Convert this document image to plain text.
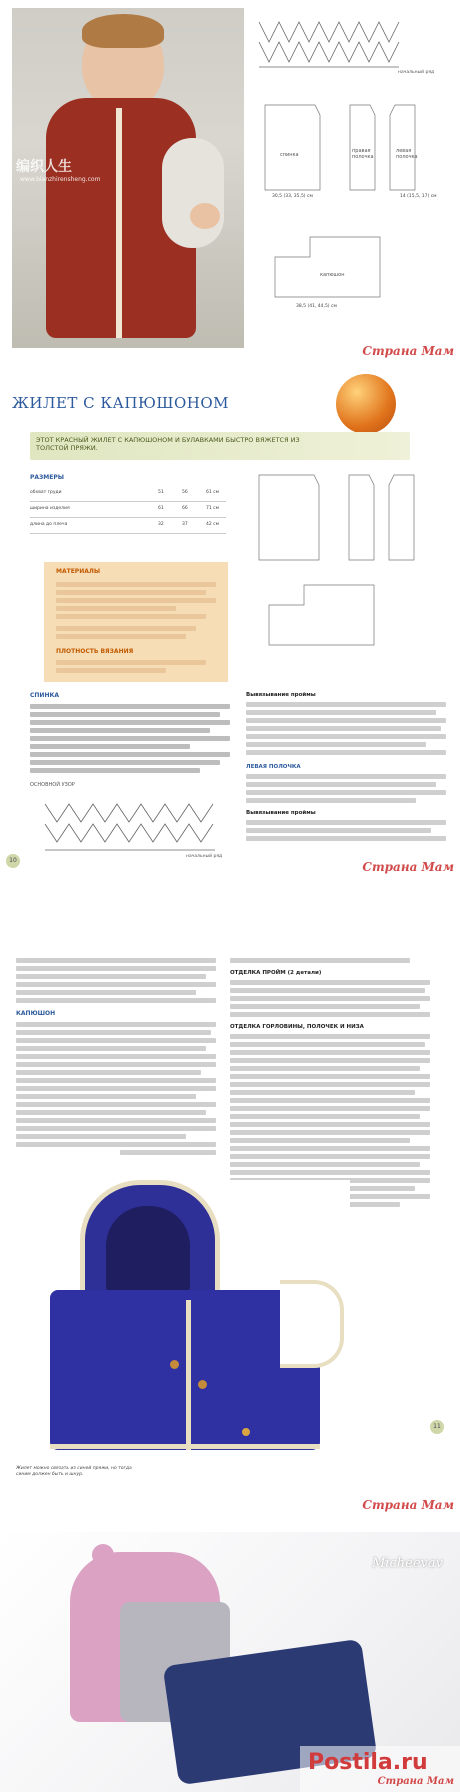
编织人生
www.bianzhirensheng.com
начальный ряд
спинка
правая полочка
левая полочка
30,5 (33, 35,5) см	14 (15,5, 17) см
капюшон
38,5 (41, 44,5) см
Страна Мам
ЖИЛЕТ С КАПЮШОНОМ
ЭТОТ КРАСНЫЙ ЖИЛЕТ С КАПЮШОНОМ И БУЛАВКАМИ БЫСТРО ВЯЖЕТСЯ ИЗ ТОЛСТОЙ ПРЯЖИ.
РАЗМЕРЫ
обхват груди	51	56	61 см
ширина изделия	61	66	71 см
длина до плеча	32	37	42 см
МАТЕРИАЛЫ
ПЛОТНОСТЬ ВЯЗАНИЯ
СПИНКА
ОСНОВНОЙ УЗОР
начальный ряд
Вывязывание проймы
ЛЕВАЯ ПОЛОЧКА
Вывязывание проймы
10	Страна Мам
КАПЮШОН
ОТДЕЛКА ПРОЙМ (2 детали)
ОТДЕЛКА ГОРЛОВИНЫ, ПОЛОЧЕК И НИЗА
Жилет можно связать из синей пряжи, но тогда синим должен быть и шнур.
11
Страна Мам
Micheevav
Postila.ru
Страна Мам
